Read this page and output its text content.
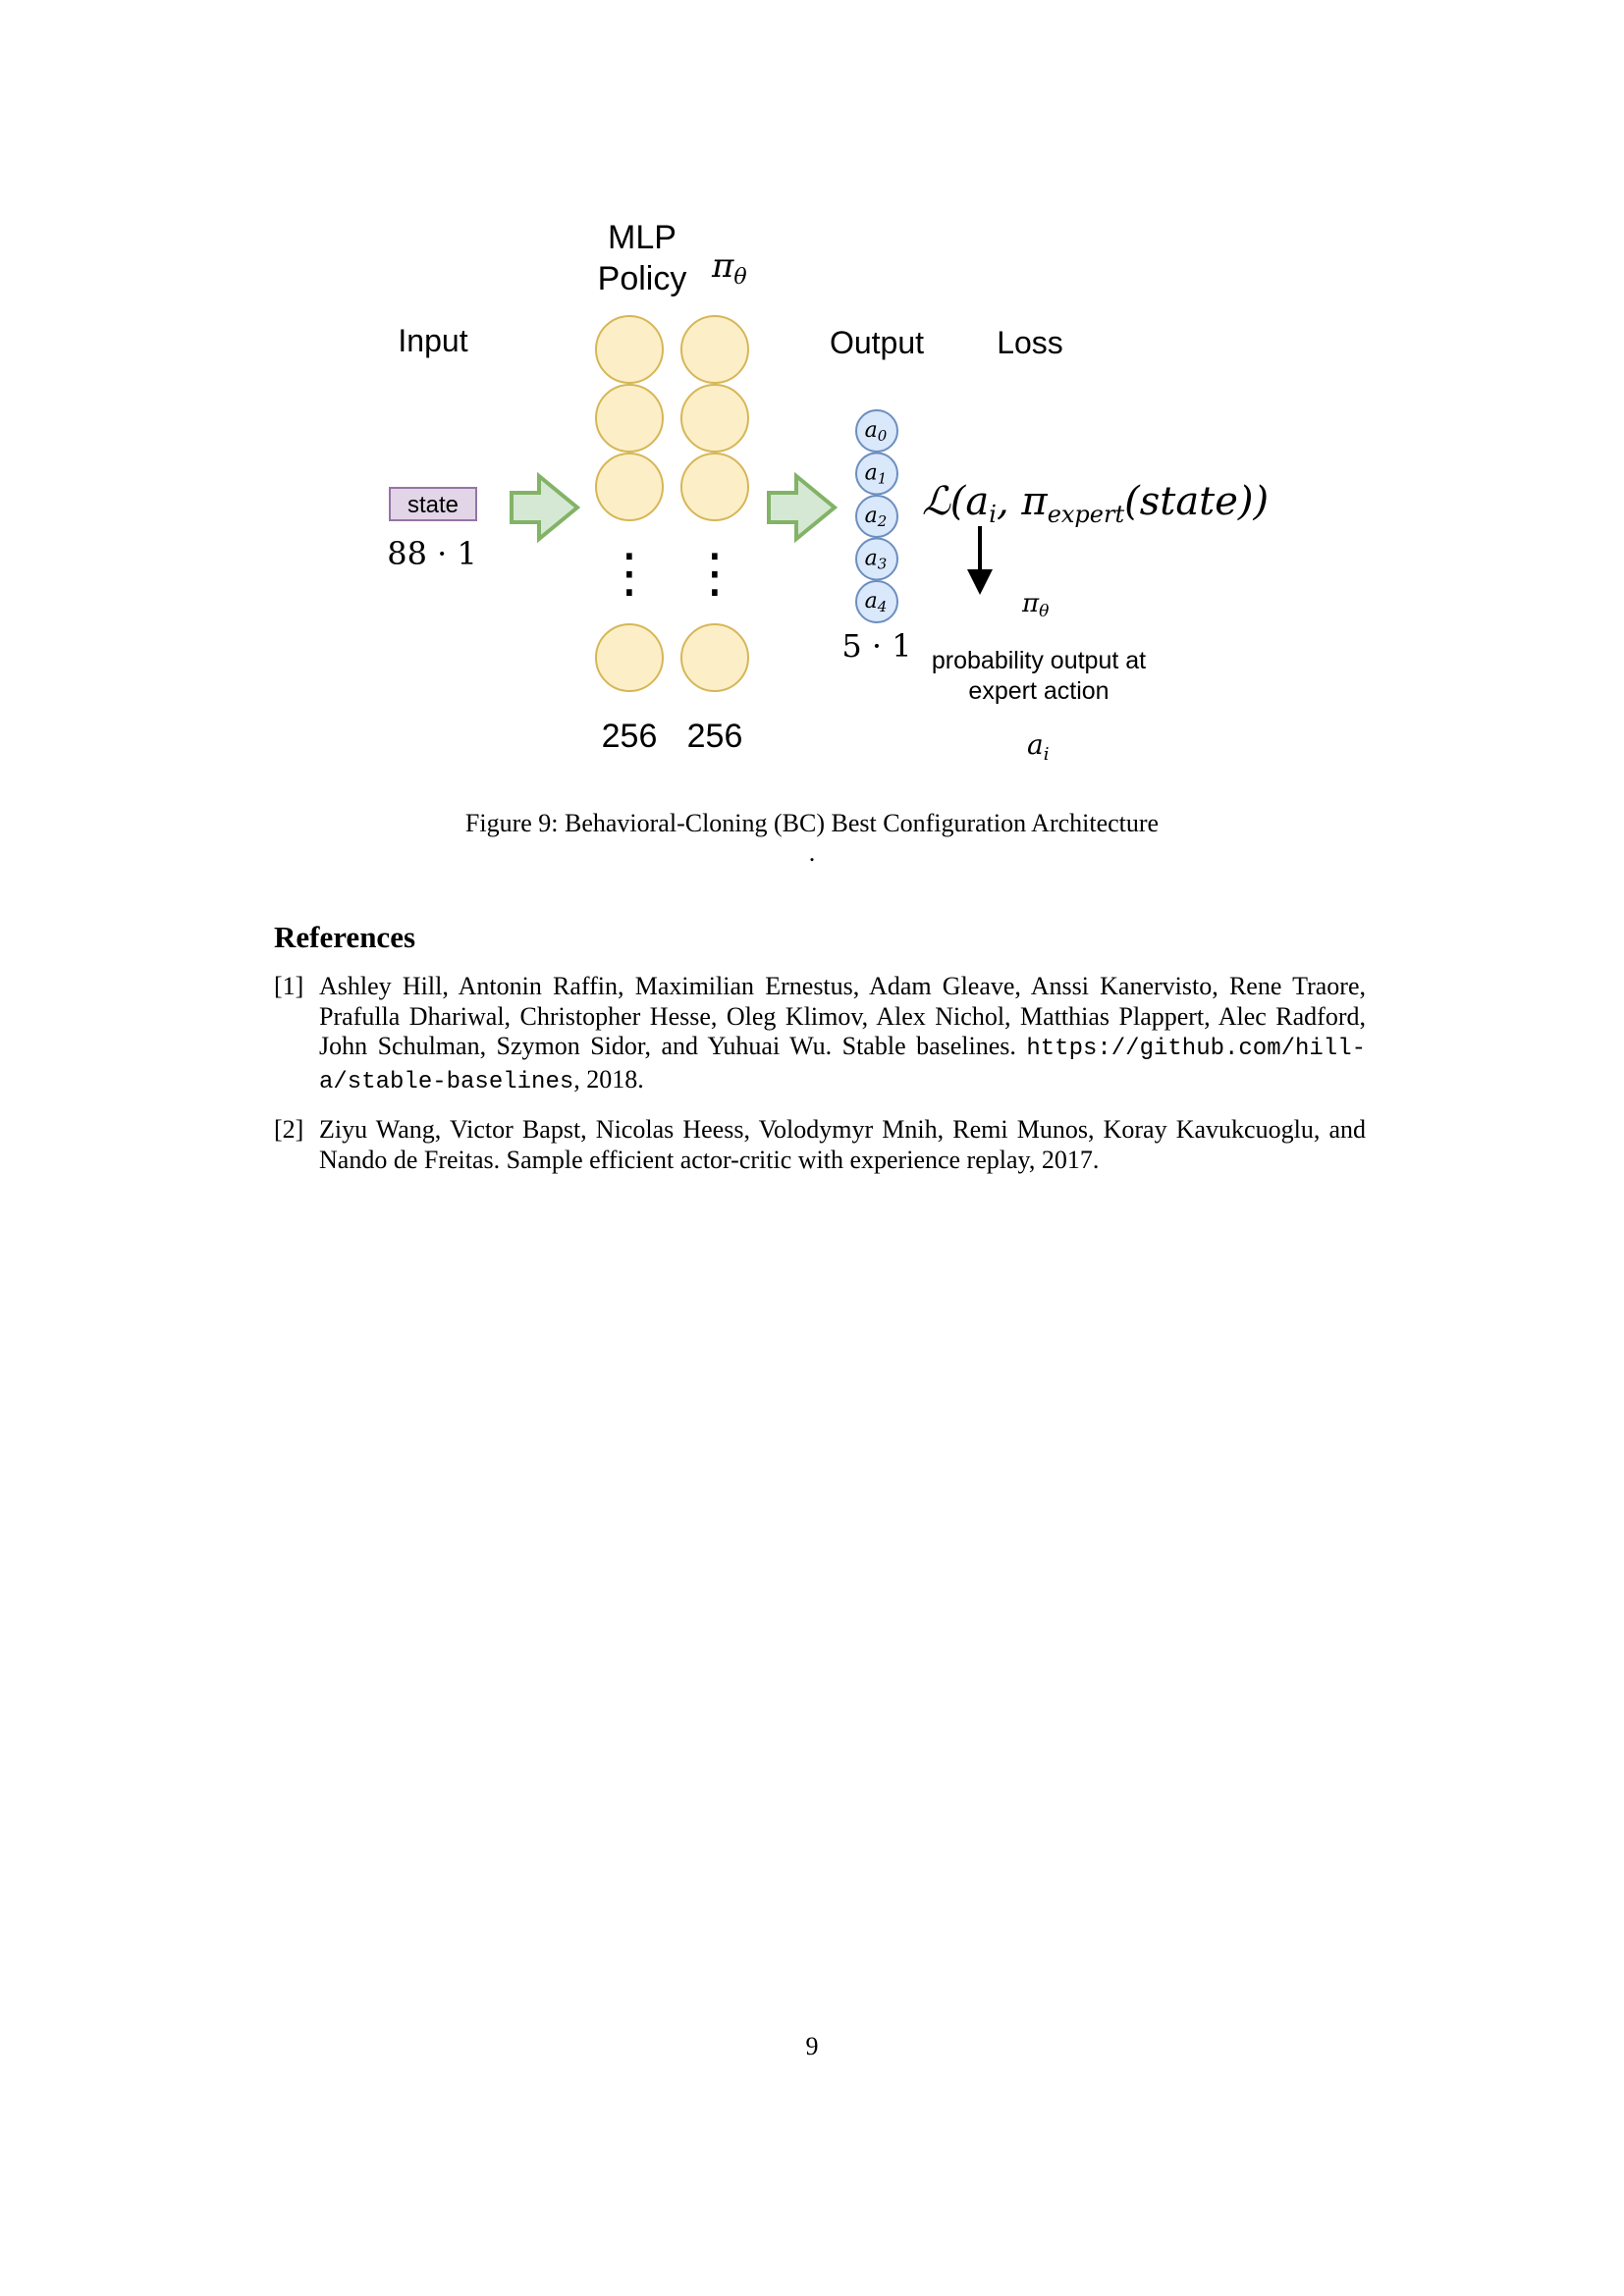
MLP
Policy $\pi_\theta$
Input	Output Loss
state
88 · 1 ⋮ ⋮
256 256
a0
a1
a2
a3
a4
5 · 1
$ℒ(a_i$, $\pi_{expert}(state)$)
πθ
probability output at
expert action
$a_i$
Figure 9: Behavioral-Cloning (BC) Best Configuration Architecture
.
References
[1] Ashley Hill, Antonin Raffin, Maximilian Ernestus, Adam Gleave, Anssi Kanervisto, Rene Traore, Prafulla Dhariwal, Christopher Hesse, Oleg Klimov, Alex Nichol, Matthias Plappert, Alec Radford, John Schulman, Szymon Sidor, and Yuhuai Wu. Stable baselines. https://github.com/hill-a/stable-baselines, 2018.
[2] Ziyu Wang, Victor Bapst, Nicolas Heess, Volodymyr Mnih, Remi Munos, Koray Kavukcuoglu, and Nando de Freitas. Sample efficient actor-critic with experience replay, 2017.
9
